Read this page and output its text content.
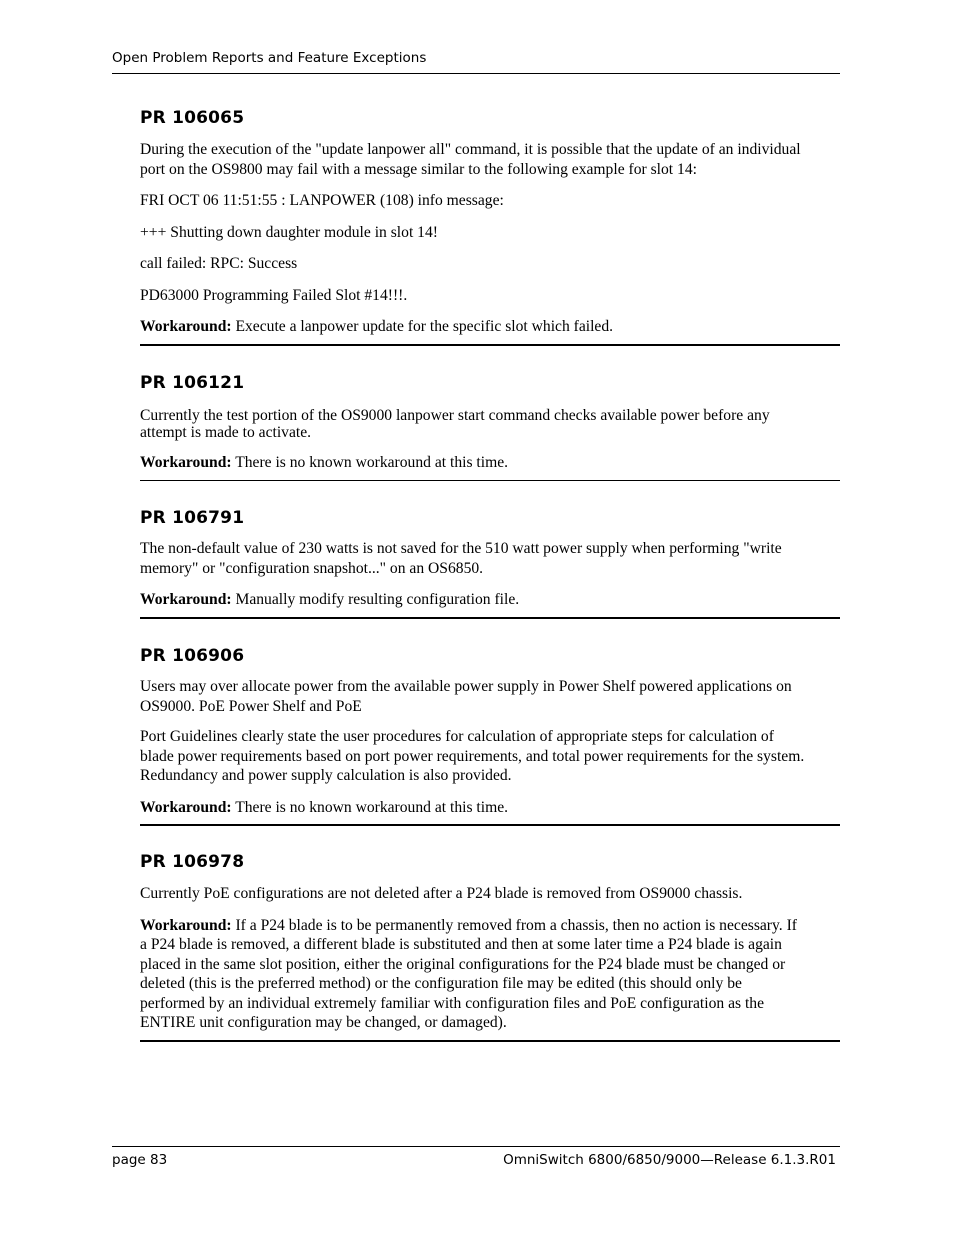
Open Problem Reports and Feature Exceptions
PR 106065

During the execution of the "update lanpower all" command, it is possible that the update of an individual
port on the OS9800 may fail with a message similar to the following example for slot 14:

FRI OCT 06 11:51:55 : LANPOWER (108) info message:

+++ Shutting down daughter module in slot 14!

call failed: RPC: Success

PD63000 Programming Failed Slot #14!!!.

Workaround: Execute a lanpower update for the specific slot which failed.

PR 106121

Currently the test portion of the OS9000 lanpower start command checks available power before any
attempt is made to activate.

Workaround: There is no known workaround at this time.

PR 106791

The non-default value of 230 watts is not saved for the 510 watt power supply when performing "write
memory" or "configuration snapshot..." on an OS6850.

Workaround: Manually modify resulting configuration file.

PR 106906

Users may over allocate power from the available power supply in Power Shelf powered applications on
OS9000. PoE Power Shelf and PoE

Port Guidelines clearly state the user procedures for calculation of appropriate steps for calculation of
blade power requirements based on port power requirements, and total power requirements for the system.
Redundancy and power supply calculation is also provided.

Workaround: There is no known workaround at this time.

PR 106978

Currently PoE configurations are not deleted after a P24 blade is removed from OS9000 chassis.

Workaround: If a P24 blade is to be permanently removed from a chassis, then no action is necessary. If
a P24 blade is removed, a different blade is substituted and then at some later time a P24 blade is again
placed in the same slot position, either the original configurations for the P24 blade must be changed or
deleted (this is the preferred method) or the configuration file may be edited (this should only be
performed by an individual extremely familiar with configuration files and PoE configuration as the
ENTIRE unit configuration may be changed, or damaged).

page 83	OmniSwitch 6800/6850/9000—Release 6.1.3.R01
